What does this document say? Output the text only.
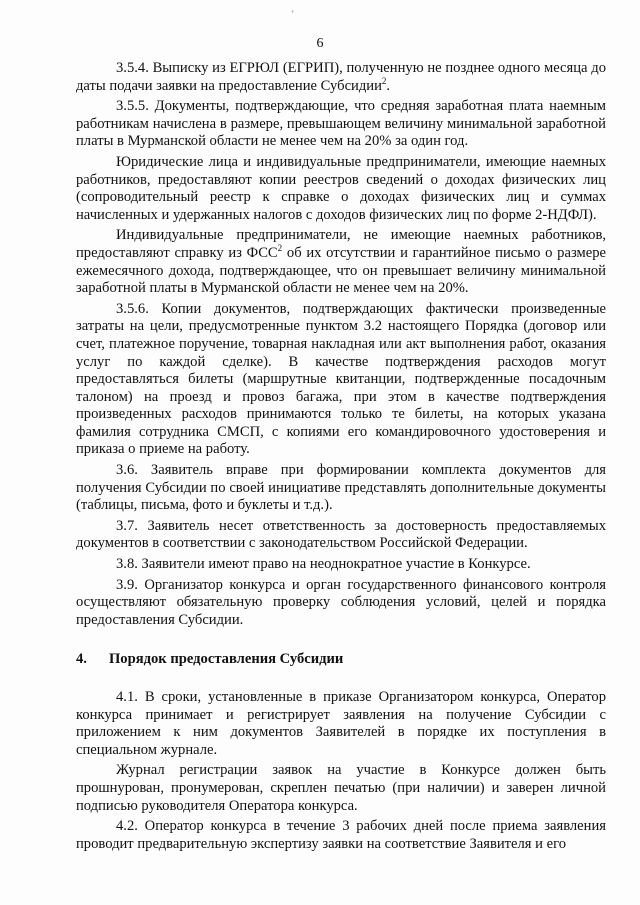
'
6

3.5.4. Выписку из ЕГРЮЛ (ЕГРИП), полученную не позднее одного месяца до даты подачи заявки на предоставление Субсидии$^2$.

3.5.5. Документы, подтверждающие, что средняя заработная плата наемным работникам начислена в размере, превышающем величину минимальной заработной платы в Мурманской области не менее чем на 20% за один год.

Юридические лица и индивидуальные предприниматели, имеющие наемных работников, предоставляют копии реестров сведений о доходах физических лиц (сопроводительный реестр к справке о доходах физических лиц и суммах начисленных и удержанных налогов с доходов физических лиц по форме 2-НДФЛ).

Индивидуальные предприниматели, не имеющие наемных работников, предоставляют справку из ФСС$^2$ об их отсутствии и гарантийное письмо о размере ежемесячного дохода, подтверждающее, что он превышает величину минимальной заработной платы в Мурманской области не менее чем на 20%.

3.5.6. Копии документов, подтверждающих фактически произведенные затраты на цели, предусмотренные пунктом 3.2 настоящего Порядка (договор или счет, платежное поручение, товарная накладная или акт выполнения работ, оказания услуг по каждой сделке). В качестве подтверждения расходов могут предоставляться билеты (маршрутные квитанции, подтвержденные посадочным талоном) на проезд и провоз багажа, при этом в качестве подтверждения произведенных расходов принимаются только те билеты, на которых указана фамилия сотрудника СМСП, с копиями его командировочного удостоверения и приказа о приеме на работу.

3.6. Заявитель вправе при формировании комплекта документов для получения Субсидии по своей инициативе представлять дополнительные документы (таблицы, письма, фото и буклеты и т.д.).

3.7. Заявитель несет ответственность за достоверность предоставляемых документов в соответствии с законодательством Российской Федерации.

3.8. Заявители имеют право на неоднократное участие в Конкурсе.

3.9. Организатор конкурса и орган государственного финансового контроля осуществляют обязательную проверку соблюдения условий, целей и порядка предоставления Субсидии.

4. Порядок предоставления Субсидии

4.1. В сроки, установленные в приказе Организатором конкурса, Оператор конкурса принимает и регистрирует заявления на получение Субсидии с приложением к ним документов Заявителей в порядке их поступления в специальном журнале.

Журнал регистрации заявок на участие в Конкурсе должен быть прошнурован, пронумерован, скреплен печатью (при наличии) и заверен личной подписью руководителя Оператора конкурса.

4.2. Оператор конкурса в течение 3 рабочих дней после приема заявления проводит предварительную экспертизу заявки на соответствие Заявителя и его
